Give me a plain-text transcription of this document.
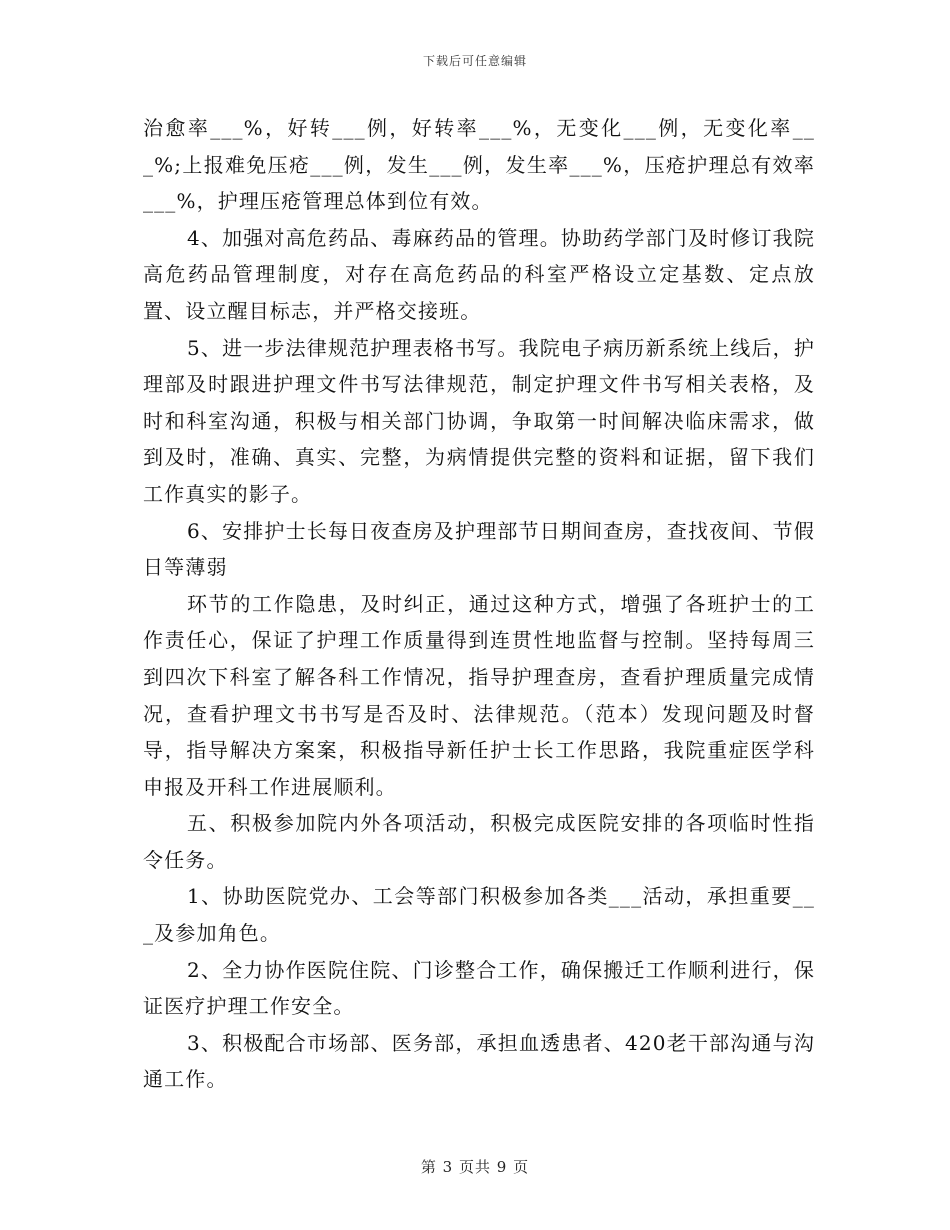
下载后可任意编辑

治愈率___%，好转___例，好转率___%，无变化___例，无变化率___%;上报难免压疮___例，发生___例，发生率___%，压疮护理总有效率___%，护理压疮管理总体到位有效。

4、加强对高危药品、毒麻药品的管理。协助药学部门及时修订我院高危药品管理制度，对存在高危药品的科室严格设立定基数、定点放置、设立醒目标志，并严格交接班。

5、进一步法律规范护理表格书写。我院电子病历新系统上线后，护理部及时跟进护理文件书写法律规范，制定护理文件书写相关表格，及时和科室沟通，积极与相关部门协调，争取第一时间解决临床需求，做到及时，准确、真实、完整，为病情提供完整的资料和证据，留下我们工作真实的影子。

6、安排护士长每日夜查房及护理部节日期间查房，查找夜间、节假日等薄弱

环节的工作隐患，及时纠正，通过这种方式，增强了各班护士的工作责任心，保证了护理工作质量得到连贯性地监督与控制。坚持每周三到四次下科室了解各科工作情况，指导护理查房，查看护理质量完成情况，查看护理文书书写是否及时、法律规范。（范本）发现问题及时督导，指导解决方案案，积极指导新任护士长工作思路，我院重症医学科申报及开科工作进展顺利。

五、积极参加院内外各项活动，积极完成医院安排的各项临时性指令任务。

1、协助医院党办、工会等部门积极参加各类___活动，承担重要___及参加角色。

2、全力协作医院住院、门诊整合工作，确保搬迁工作顺利进行，保证医疗护理工作安全。

3、积极配合市场部、医务部，承担血透患者、420老干部沟通与沟通工作。

第 3 页共 9 页
